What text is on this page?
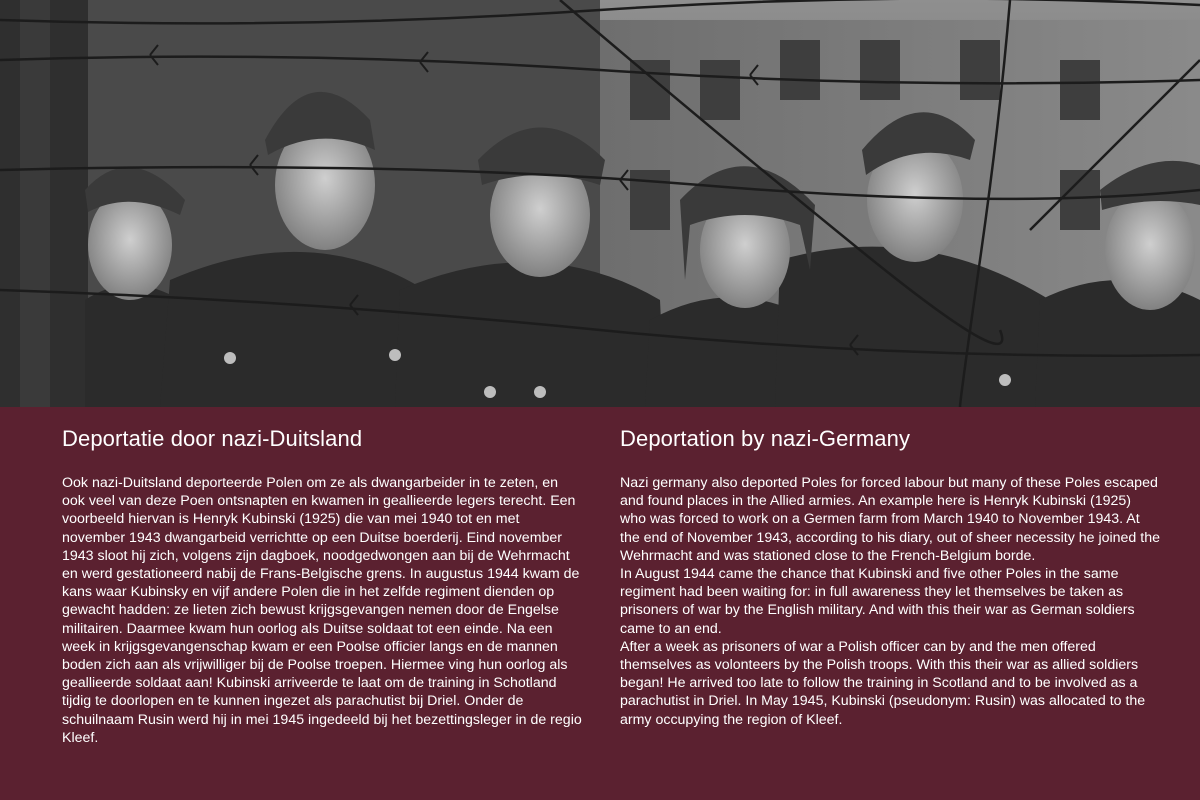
Deportatie door nazi-Duitsland

Ook nazi-Duitsland deporteerde Polen om ze als dwangarbeider in te zeten, en ook veel van deze Poen ontsnapten en kwamen in geallieerde legers terecht. Een voorbeeld hiervan is Henryk Kubinski (1925) die van mei 1940 tot en met november 1943 dwangarbeid verrichtte op een Duitse boerderij. Eind november 1943 sloot hij zich, volgens zijn dagboek, noodgedwongen aan bij de Wehrmacht en werd gestationeerd nabij de Frans-Belgische grens. In augustus 1944 kwam de kans waar Kubinsky en vijf andere Polen die in het zelfde regiment dienden op gewacht hadden: ze lieten zich bewust krijgsgevangen nemen door de Engelse militairen. Daarmee kwam hun oorlog als Duitse soldaat tot een einde. Na een week in krijgsgevangenschap kwam er een Poolse officier langs en de mannen boden zich aan als vrijwilliger bij de Poolse troepen. Hiermee ving hun oorlog als geallieerde soldaat aan! Kubinski arriveerde te laat om de training in Schotland tijdig te doorlopen en te kunnen ingezet als parachutist bij Driel. Onder de schuilnaam Rusin werd hij in mei 1945 ingedeeld bij het bezettingsleger in de regio Kleef.

Deportation by nazi-Germany

Nazi germany also deported Poles for forced labour but many of these Poles escaped and found places in the Allied armies. An example here is Henryk Kubinski (1925) who was forced to work on a Germen farm from March 1940 to November 1943. At the end of November 1943, according to his diary, out of sheer necessity he joined the Wehrmacht and was stationed close to the French-Belgium borde.
In August 1944 came the chance that Kubinski and five other Poles in the same regiment had been waiting for: in full awareness they let themselves be taken as prisoners of war by the English military. And with this their war as German soldiers came to an end.
After a week as prisoners of war a Polish officer can by and the men offered themselves as volonteers by the Polish troops. With this their war as allied soldiers began! He arrived too late to follow the training in Scotland and to be involved as a parachutist in Driel. In May 1945, Kubinski (pseudonym: Rusin) was allocated to the army occupying the region of Kleef.
